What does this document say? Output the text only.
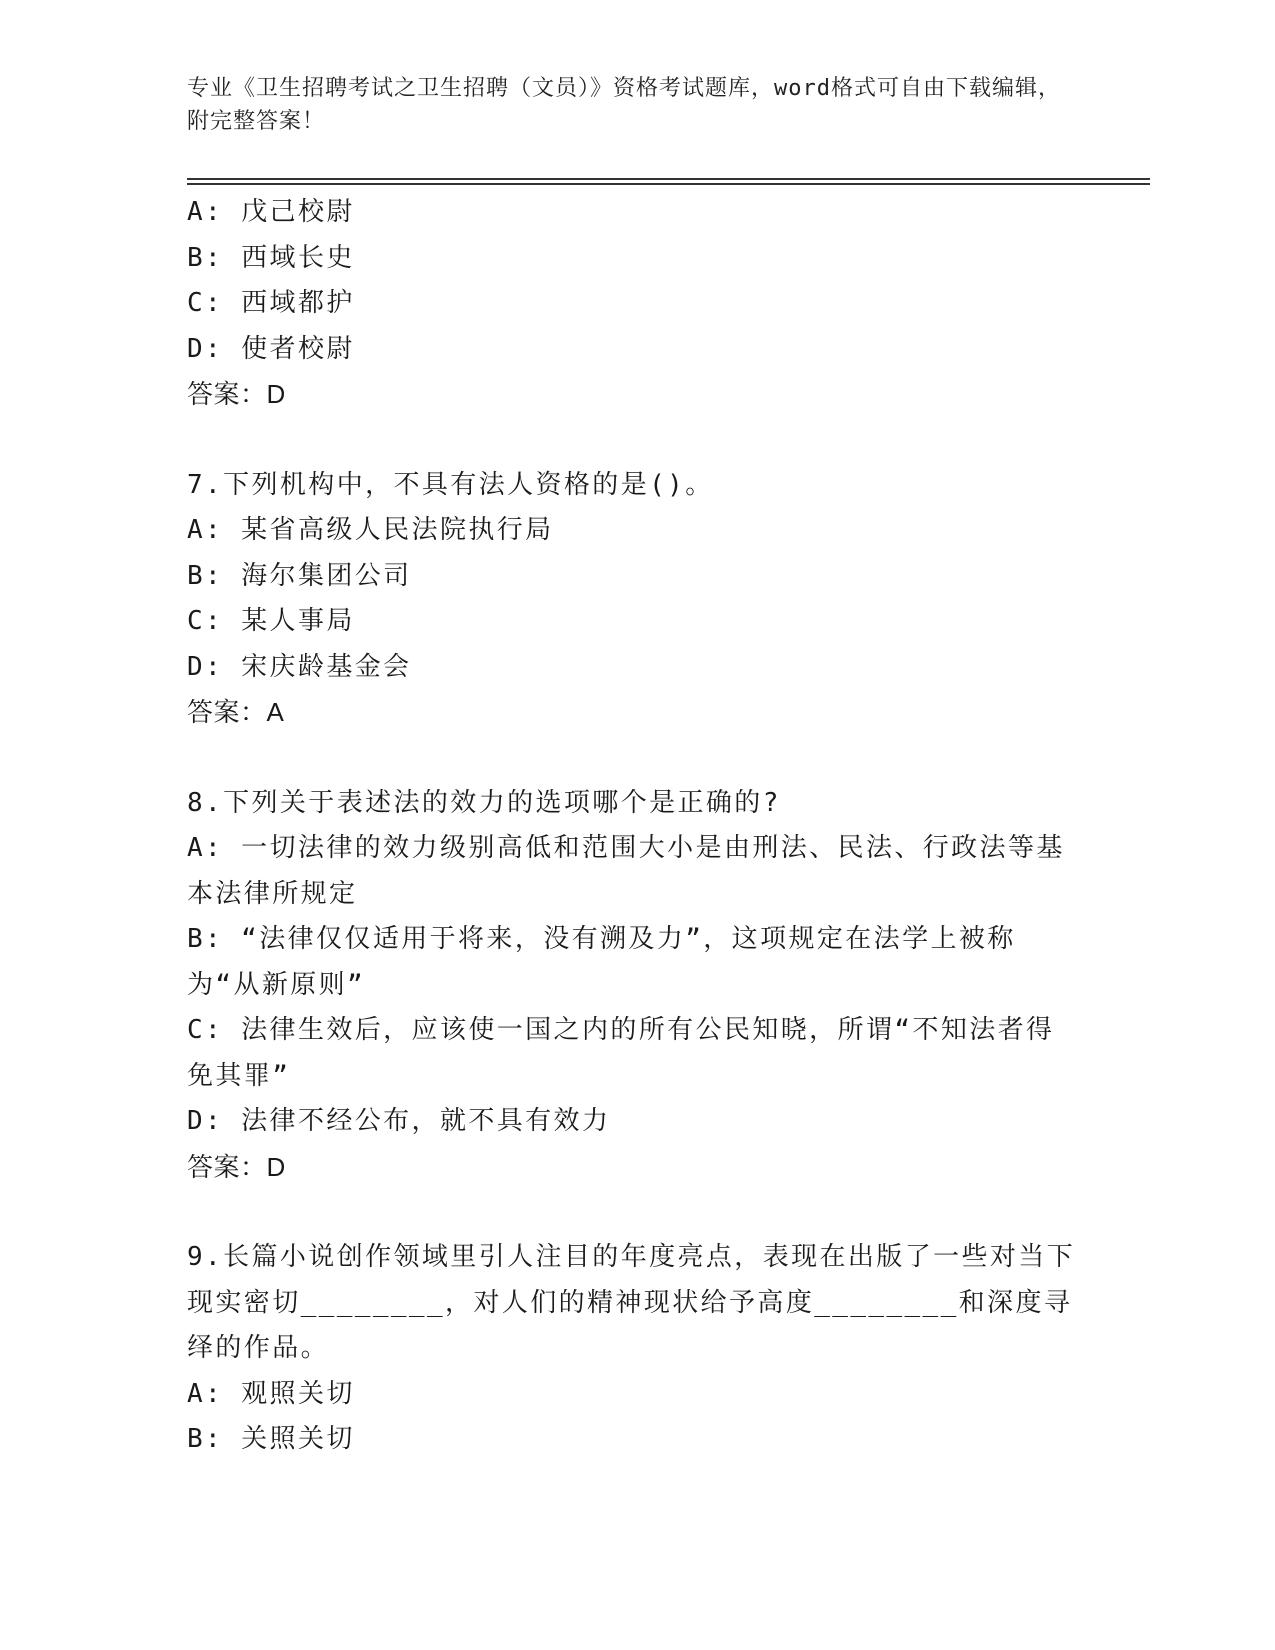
专业《卫生招聘考试之卫生招聘（文员）》资格考试题库，word格式可自由下载编辑，附完整答案！
A: 戊己校尉
B: 西域长史
C: 西域都护
D: 使者校尉
答案：D
7.下列机构中，不具有法人资格的是()。
A: 某省高级人民法院执行局
B: 海尔集团公司
C: 某人事局
D: 宋庆龄基金会
答案：A
8.下列关于表述法的效力的选项哪个是正确的?
A: 一切法律的效力级别高低和范围大小是由刑法、民法、行政法等基本法律所规定
B: “法律仅仅适用于将来，没有溯及力”，这项规定在法学上被称为“从新原则”
C: 法律生效后，应该使一国之内的所有公民知晓，所谓“不知法者得免其罪”
D: 法律不经公布，就不具有效力
答案：D
9.长篇小说创作领域里引人注目的年度亮点，表现在出版了一些对当下现实密切________，对人们的精神现状给予高度________和深度寻绎的作品。
A: 观照关切
B: 关照关切
